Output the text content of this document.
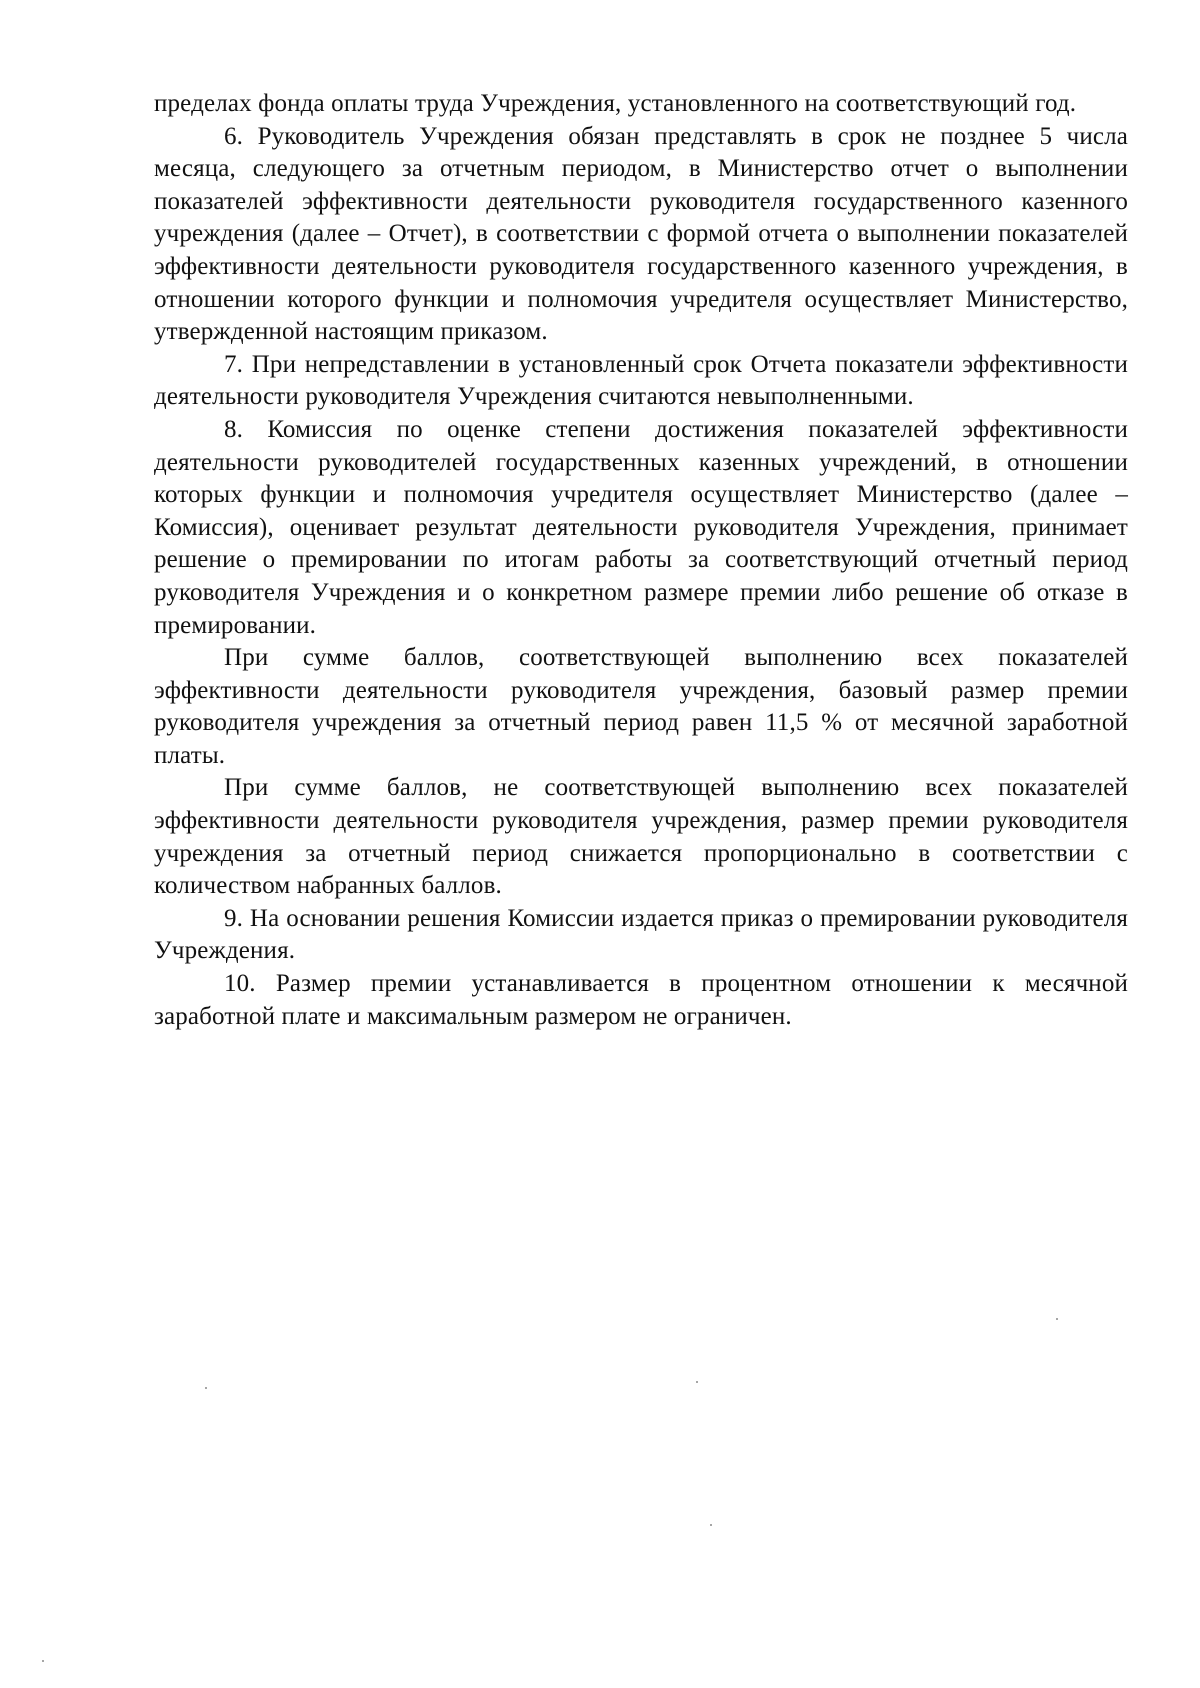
пределах фонда оплаты труда Учреждения, установленного на соответствующий год.

6. Руководитель Учреждения обязан представлять в срок не позднее 5 числа месяца, следующего за отчетным периодом, в Министерство отчет о выполнении показателей эффективности деятельности руководителя государственного казенного учреждения (далее – Отчет), в соответствии с формой отчета о выполнении показателей эффективности деятельности руководителя государственного казенного учреждения, в отношении которого функции и полномочия учредителя осуществляет Министерство, утвержденной настоящим приказом.

7. При непредставлении в установленный срок Отчета показатели эффективности деятельности руководителя Учреждения считаются невыполненными.

8. Комиссия по оценке степени достижения показателей эффективности деятельности руководителей государственных казенных учреждений, в отношении которых функции и полномочия учредителя осуществляет Министерство (далее – Комиссия), оценивает результат деятельности руководителя Учреждения, принимает решение о премировании по итогам работы за соответствующий отчетный период руководителя Учреждения и о конкретном размере премии либо решение об отказе в премировании.

При сумме баллов, соответствующей выполнению всех показателей эффективности деятельности руководителя учреждения, базовый размер премии руководителя учреждения за отчетный период равен 11,5 % от месячной заработной платы.

При сумме баллов, не соответствующей выполнению всех показателей эффективности деятельности руководителя учреждения, размер премии руководителя учреждения за отчетный период снижается пропорционально в соответствии с количеством набранных баллов.

9. На основании решения Комиссии издается приказ о премировании руководителя Учреждения.

10. Размер премии устанавливается в процентном отношении к месячной заработной плате и максимальным размером не ограничен.
